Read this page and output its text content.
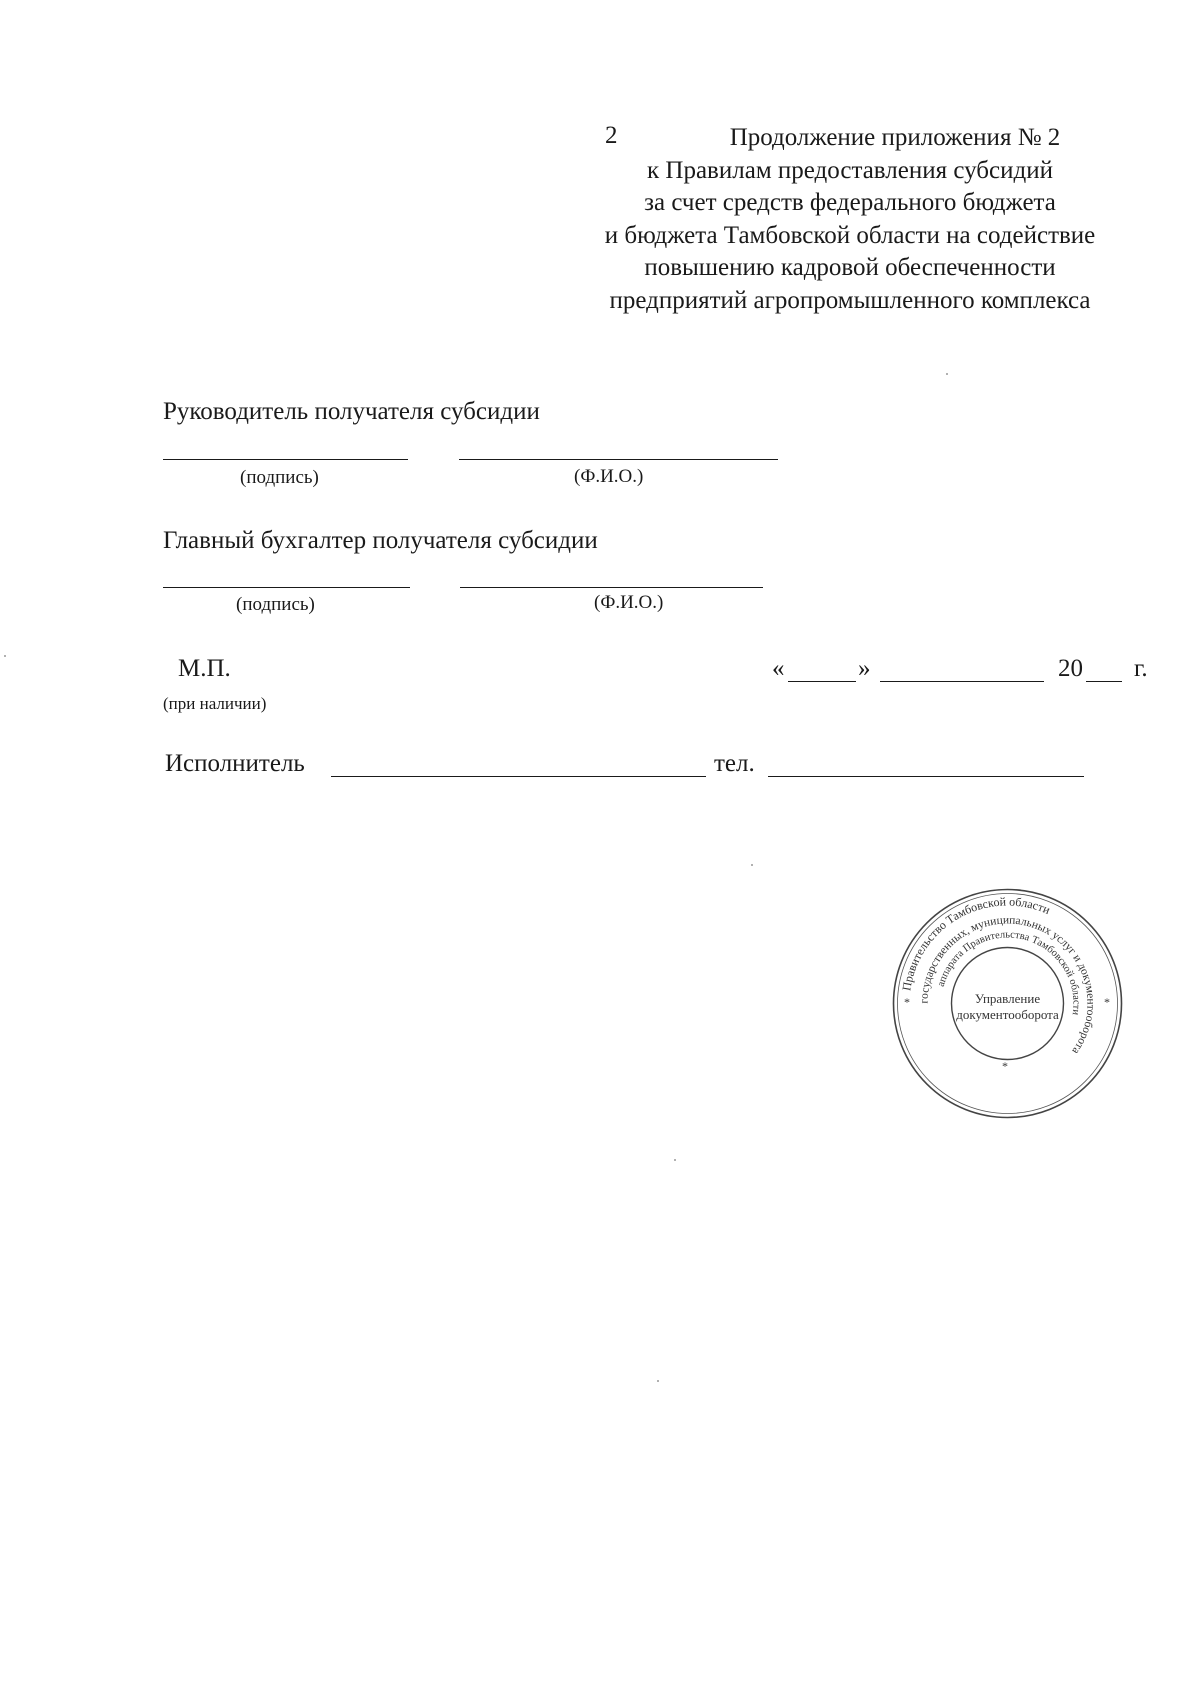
2	Продолжение приложения № 2
к Правилам предоставления субсидий
за счет средств федерального бюджета
и бюджета Тамбовской области на содействие
повышению кадровой обеспеченности
предприятий агропромышленного комплекса
Руководитель получателя субсидии
(подпись)	(Ф.И.О.)
Главный бухгалтер получателя субсидии
(подпись)	(Ф.И.О.)
М.П.
(при наличии)
«	»	20 г.
Исполнитель	тел.
Правительство Тамбовской области
государственных, муниципальных услуг и документооборота
аппарата Правительства Тамбовской области
Управление
документооборота
*	*
*
